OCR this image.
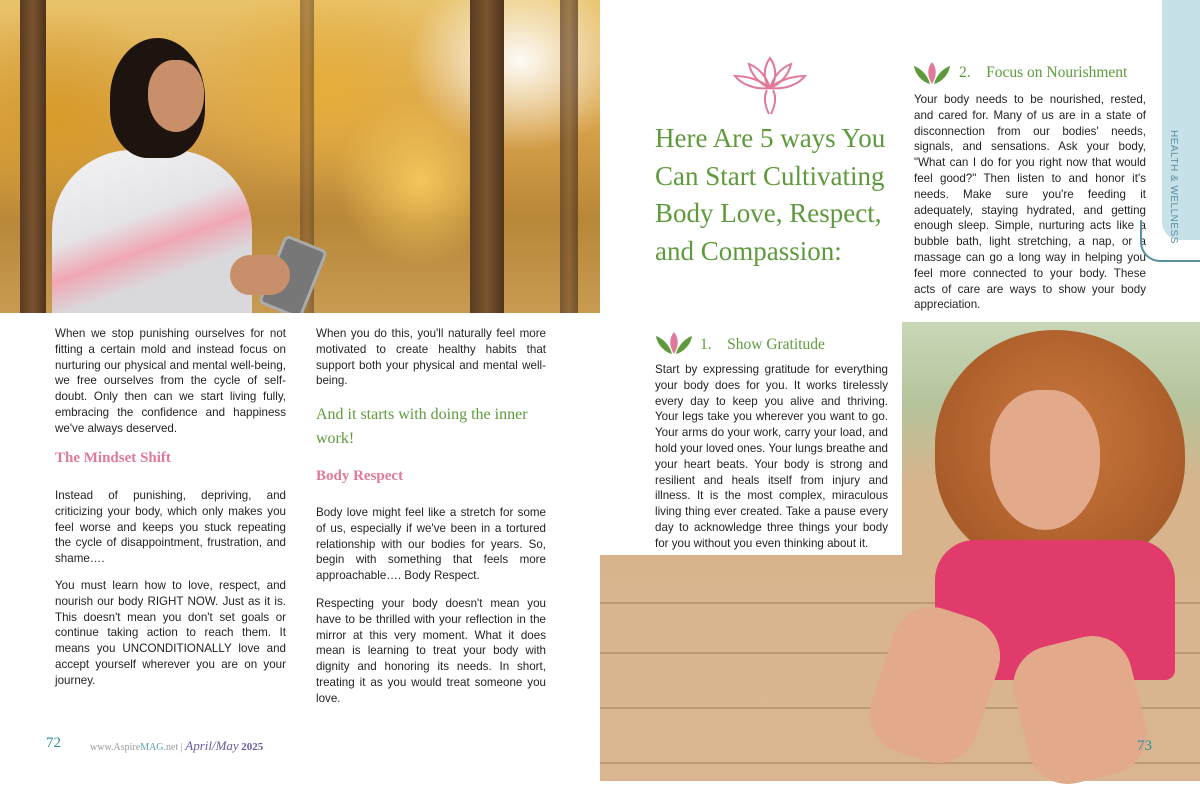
When we stop punishing ourselves for not fitting a certain mold and instead focus on nurturing our physical and mental well-being, we free ourselves from the cycle of self-doubt. Only then can we start living fully, embracing the confidence and happiness we've always deserved.

The Mindset Shift

Instead of punishing, depriving, and criticizing your body, which only makes you feel worse and keeps you stuck repeating the cycle of disappointment, frustration, and shame….

You must learn how to love, respect, and nourish our body RIGHT NOW. Just as it is. This doesn't mean you don't set goals or continue taking action to reach them. It means you UNCONDITIONALLY love and accept yourself wherever you are on your journey.

When you do this, you'll naturally feel more motivated to create healthy habits that support both your physical and mental well-being.

And it starts with doing the inner work!
Body Respect

Body love might feel like a stretch for some of us, especially if we've been in a tortured relationship with our bodies for years. So, begin with something that feels more approachable…. Body Respect.

Respecting your body doesn't mean you have to be thrilled with your reflection in the mirror at this very moment. What it does mean is learning to treat your body with dignity and honoring its needs. In short, treating it as you would treat someone you love.

72	www.AspireMAG.net | April/May 2025
Here Are 5 ways You Can Start Cultivating Body Love, Respect, and Compassion:
1.    Show Gratitude

Start by expressing gratitude for everything your body does for you. It works tirelessly every day to keep you alive and thriving. Your legs take you wherever you want to go. Your arms do your work, carry your load, and hold your loved ones. Your lungs breathe and your heart beats. Your body is strong and resilient and heals itself from injury and illness. It is the most complex, miraculous living thing ever created. Take a pause every day to acknowledge three things your body for you without you even thinking about it.

2.    Focus on Nourishment

Your body needs to be nourished, rested, and cared for. Many of us are in a state of disconnection from our bodies' needs, signals, and sensations. Ask your body, "What can I do for you right now that would feel good?" Then listen to and honor it's needs. Make sure you're feeding it adequately, staying hydrated, and getting enough sleep. Simple, nurturing acts like a bubble bath, light stretching, a nap, or a massage can go a long way in helping you feel more connected to your body. These acts of care are ways to show your body appreciation.

HEALTH & WELLNESS
73
